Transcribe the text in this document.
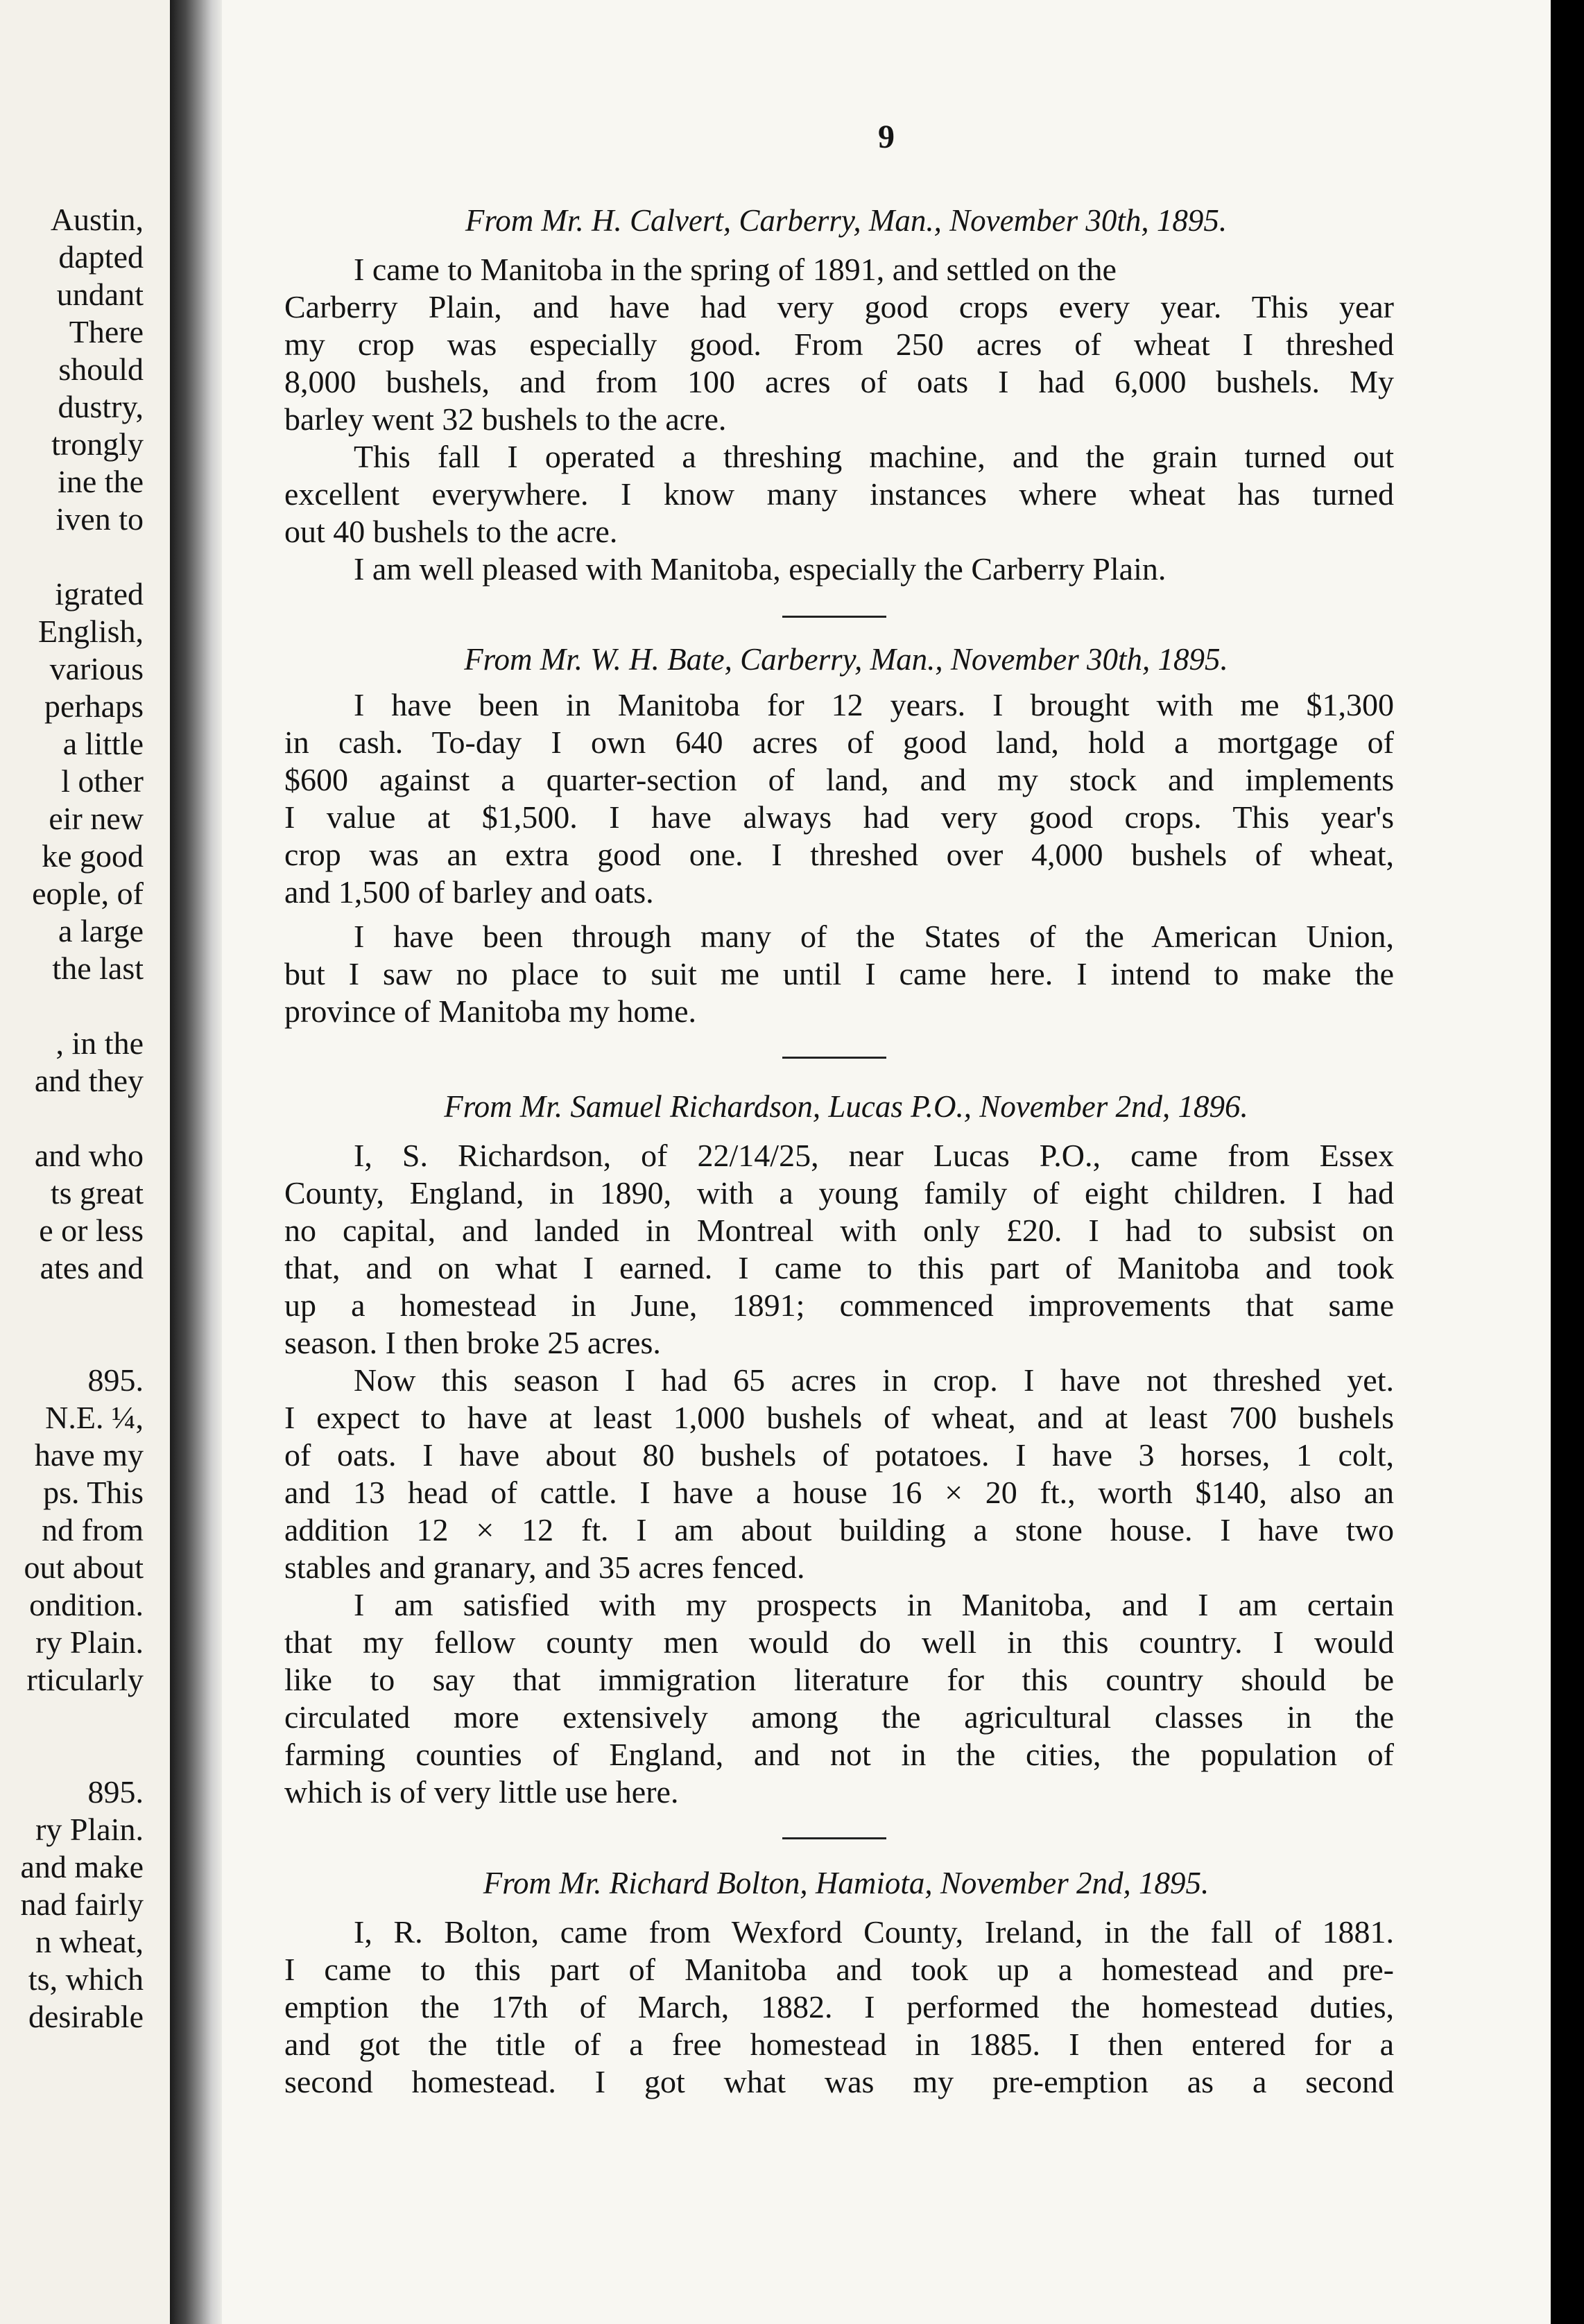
Austin,
dapted
undant
There
should
dustry,
trongly
ine the
iven to
igrated
English,
various
perhaps
a little
l other
eir new
ke good
eople, of
a large
the last
, in the
and they
and who
ts great
e or less
ates and
895.
N.E. ¼,
have my
ps. This
nd from
out about
ondition.
ry Plain.
rticularly
895.
ry Plain.
and make
nad fairly
n wheat,
ts, which
desirable
9
From Mr. H. Calvert, Carberry, Man., November 30th, 1895.
I came to Manitoba in the spring of 1891, and settled on the
Carberry Plain, and have had very good crops every year. This year
my crop was especially good. From 250 acres of wheat I threshed
8,000 bushels, and from 100 acres of oats I had 6,000 bushels. My
barley went 32 bushels to the acre.
This fall I operated a threshing machine, and the grain turned out
excellent everywhere. I know many instances where wheat has turned
out 40 bushels to the acre.
I am well pleased with Manitoba, especially the Carberry Plain.
From Mr. W. H. Bate, Carberry, Man., November 30th, 1895.
I have been in Manitoba for 12 years. I brought with me $1,300
in cash. To-day I own 640 acres of good land, hold a mortgage of
$600 against a quarter-section of land, and my stock and implements
I value at $1,500. I have always had very good crops. This year's
crop was an extra good one. I threshed over 4,000 bushels of wheat,
and 1,500 of barley and oats.
I have been through many of the States of the American Union,
but I saw no place to suit me until I came here. I intend to make the
province of Manitoba my home.
From Mr. Samuel Richardson, Lucas P.O., November 2nd, 1896.
I, S. Richardson, of 22/14/25, near Lucas P.O., came from Essex
County, England, in 1890, with a young family of eight children. I had
no capital, and landed in Montreal with only £20. I had to subsist on
that, and on what I earned. I came to this part of Manitoba and took
up a homestead in June, 1891; commenced improvements that same
season. I then broke 25 acres.
Now this season I had 65 acres in crop. I have not threshed yet.
I expect to have at least 1,000 bushels of wheat, and at least 700 bushels
of oats. I have about 80 bushels of potatoes. I have 3 horses, 1 colt,
and 13 head of cattle. I have a house 16 × 20 ft., worth $140, also an
addition 12 × 12 ft. I am about building a stone house. I have two
stables and granary, and 35 acres fenced.
I am satisfied with my prospects in Manitoba, and I am certain
that my fellow county men would do well in this country. I would
like to say that immigration literature for this country should be
circulated more extensively among the agricultural classes in the
farming counties of England, and not in the cities, the population of
which is of very little use here.
From Mr. Richard Bolton, Hamiota, November 2nd, 1895.
I, R. Bolton, came from Wexford County, Ireland, in the fall of 1881.
I came to this part of Manitoba and took up a homestead and pre-
emption the 17th of March, 1882. I performed the homestead duties,
and got the title of a free homestead in 1885. I then entered for a
second homestead. I got what was my pre-emption as a second
